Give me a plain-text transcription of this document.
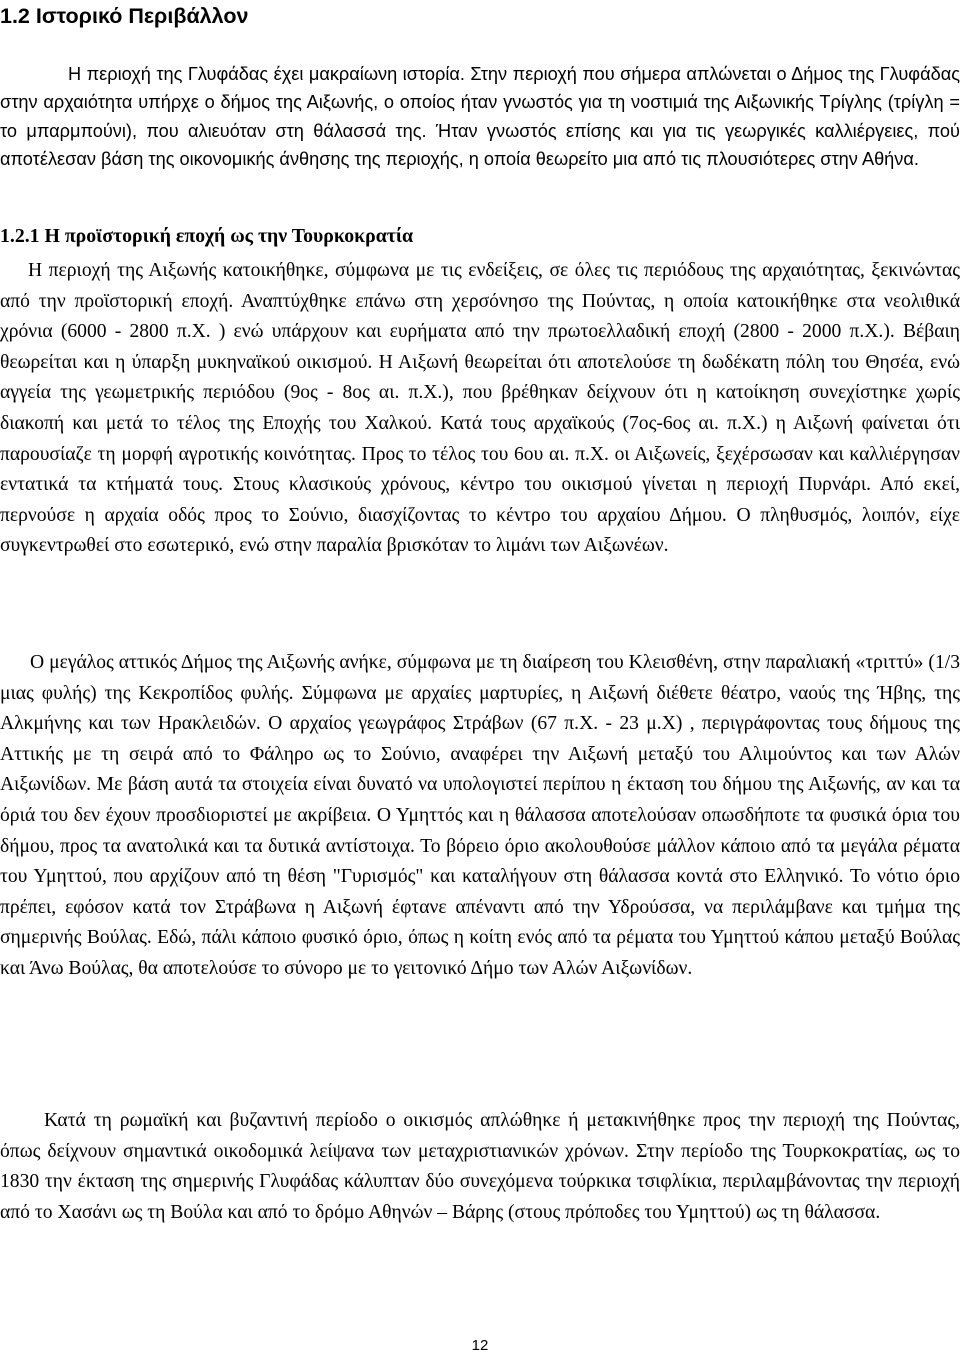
1.2 Ιστορικό Περιβάλλον

Η περιοχή της Γλυφάδας έχει μακραίωνη ιστορία. Στην περιοχή που σήμερα απλώνεται ο Δήμος της Γλυφάδας στην αρχαιότητα υπήρχε ο δήμος της Αιξωνής, ο οποίος ήταν γνωστός για τη νοστιμιά της Αιξωνικής Τρίγλης (τρίγλη = το μπαρμπούνι), που αλιευόταν στη θάλασσά της. Ήταν γνωστός επίσης και για τις γεωργικές καλλιέργειες, πού αποτέλεσαν βάση της οικονομικής άνθησης της περιοχής, η οποία θεωρείτο μια από τις πλουσιότερες στην Αθήνα.

1.2.1 Η προϊστορική εποχή ως την Τουρκοκρατία

Η περιοχή της Αιξωνής κατοικήθηκε, σύμφωνα με τις ενδείξεις, σε όλες τις περιόδους της αρχαιότητας, ξεκινώντας από την προϊστορική εποχή. Αναπτύχθηκε επάνω στη χερσόνησο της Πούντας, η οποία κατοικήθηκε στα νεολιθικά χρόνια (6000 - 2800 π.Χ. ) ενώ υπάρχουν και ευρήματα από την πρωτοελλαδική εποχή (2800 - 2000 π.Χ.). Βέβαιη θεωρείται και η ύπαρξη μυκηναϊκού οικισμού. Η Αιξωνή θεωρείται ότι αποτελούσε τη δωδέκατη πόλη του Θησέα, ενώ αγγεία της γεωμετρικής περιόδου (9ος - 8ος αι. π.Χ.), που βρέθηκαν δείχνουν ότι η κατοίκηση συνεχίστηκε χωρίς διακοπή και μετά το τέλος της Εποχής του Χαλκού. Κατά τους αρχαϊκούς (7ος-6ος αι. π.Χ.) η Αιξωνή φαίνεται ότι παρουσίαζε τη μορφή αγροτικής κοινότητας. Προς το τέλος του 6ου αι. π.Χ. οι Αιξωνείς, ξεχέρσωσαν και καλλιέργησαν εντατικά τα κτήματά τους. Στους κλασικούς χρόνους, κέντρο του οικισμού γίνεται η περιοχή Πυρνάρι. Από εκεί, περνούσε η αρχαία οδός προς το Σούνιο, διασχίζοντας το κέντρο του αρχαίου Δήμου. Ο πληθυσμός, λοιπόν, είχε συγκεντρωθεί στο εσωτερικό, ενώ στην παραλία βρισκόταν το λιμάνι των Αιξωνέων.

Ο μεγάλος αττικός Δήμος της Αιξωνής ανήκε, σύμφωνα με τη διαίρεση του Κλεισθένη, στην παραλιακή «τριττύ» (1/3 μιας φυλής) της Κεκροπίδος φυλής. Σύμφωνα με αρχαίες μαρτυρίες, η Αιξωνή διέθετε θέατρο, ναούς της Ήβης, της Αλκμήνης και των Ηρακλειδών. Ο αρχαίος γεωγράφος Στράβων (67 π.Χ. - 23 μ.Χ) , περιγράφοντας τους δήμους της Αττικής με τη σειρά από το Φάληρο ως το Σούνιο, αναφέρει την Αιξωνή μεταξύ του Αλιμούντος και των Αλών Αιξωνίδων. Με βάση αυτά τα στοιχεία είναι δυνατό να υπολογιστεί περίπου η έκταση του δήμου της Αιξωνής, αν και τα όριά του δεν έχουν προσδιοριστεί με ακρίβεια. Ο Υμηττός και η θάλασσα αποτελούσαν οπωσδήποτε τα φυσικά όρια του δήμου, προς τα ανατολικά και τα δυτικά αντίστοιχα. Το βόρειο όριο ακολουθούσε μάλλον κάποιο από τα μεγάλα ρέματα του Υμηττού, που αρχίζουν από τη θέση "Γυρισμός" και καταλήγουν στη θάλασσα κοντά στο Ελληνικό. Το νότιο όριο πρέπει, εφόσον κατά τον Στράβωνα η Αιξωνή έφτανε απέναντι από την Υδρούσσα, να περιλάμβανε και τμήμα της σημερινής Βούλας. Εδώ, πάλι κάποιο φυσικό όριο, όπως η κοίτη ενός από τα ρέματα του Υμηττού κάπου μεταξύ Βούλας και Άνω Βούλας, θα αποτελούσε το σύνορο με το γειτονικό Δήμο των Αλών Αιξωνίδων.

Κατά τη ρωμαϊκή και βυζαντινή περίοδο ο οικισμός απλώθηκε ή μετακινήθηκε προς την περιοχή της Πούντας, όπως δείχνουν σημαντικά οικοδομικά λείψανα των μεταχριστιανικών χρόνων. Στην περίοδο της Τουρκοκρατίας, ως το 1830 την έκταση της σημερινής Γλυφάδας κάλυπταν δύο συνεχόμενα τούρκικα τσιφλίκια, περιλαμβάνοντας την περιοχή από το Χασάνι ως τη Βούλα και από το δρόμο Αθηνών – Βάρης (στους πρόποδες του Υμηττού) ως τη θάλασσα.

12
